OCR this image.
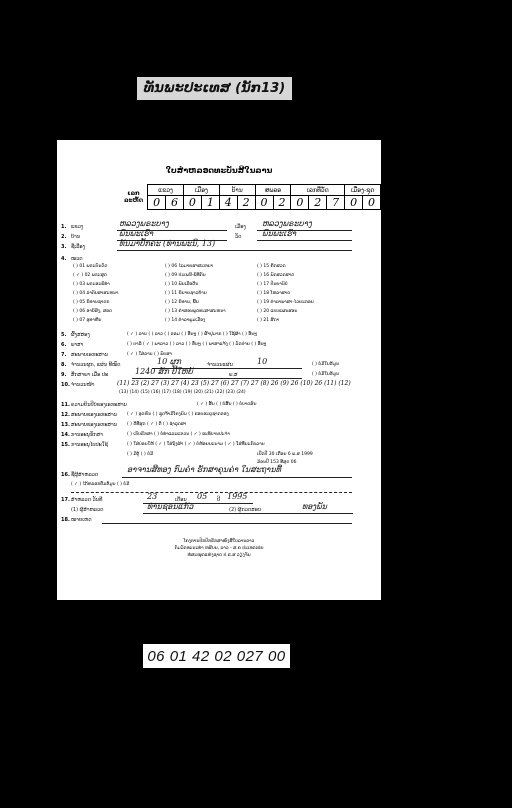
ທັນພະປະເທສ (ນັກ13)
ໃບສຳຫລອດທະບັນສີໃນລານ
ເລກລະຫັດ	ແຂວງ		ເມືອງ		ບ້ານ		ສພລອ		ເລກທີ່ວັດ			ເມື່ອງ-ຊຸດ	
	0	6	0	1	4	2	0	2	0	2	7	0	0
1. ແຂວງ	ຫລວງພຣະບາງ	ເມືອງ ຫລວງພຣະບາງ
2. ບ້ານ	ພົນພະເຮົາ	ວັດ	ພົນພະເຮົາ
3. ຊື່ເລື່ອງ	ທ້ນມາປັກຄະ (ທ່ານພະນິ, 13)
4. ໝວດ
( ) 01 ພຣະບັນດັດ	( ) 06 ໄລມາຍສາສະຫນາ	( ) 15 ຄີດສວດ
( ✓ ) 02 ພຣະສູດ	( ) 09 ປະເພນີ-ພິທີກັນ	( ) 16 ພົດສວດສາດ
( ) 03 ພຣະອະພິທຳ	( ) 10 ພົນເມືອດີນ	( ) 17 ປັນຍານົບໍ່
( ) 04 ລຳຕັນສາສະຫນາ	( ) 11 ນິຍາຍຊາວບ້ານ	( ) 18 ໂຫລາສາດ
( ) 05 ນິທານຊາດກ	( ) 12 ນິທານ, ພື້ນ	( ) 19 ຕຳລາພາສາ-ໄວຍະກອນ
( ) 06 ອານິສົງ, ສອດ	( ) 13 ຄຳສອນພຸດທະສາສະຫນາ	( ) 20 ແບບແຜນສອນ
( ) 07 ອຸທາຫີນ	( ) 14 ຕຳລາພູມເມືອງ	( ) 21 ສີດາ
5. ຜົ້ງສສອງ	( ✓ ) ລານ ( ) ລາວ ( ) ຂອມ ( ) ອື່ນໆ ( ) ຜົ້າປຸມາກ ( ) ໃຊ້ຜ້າ ( ) ອື່ນໆ
6. ພາສາ	( ) ບາລີ ( ✓ ) ພາລາວ ( ) ລາວ ( ) ອື່ນໆ ( ) ພາສາແຈ້ງ ( ) ລັດປາຍ ( ) ອື່ນໆ
7. ສະພາບເອກະສານ	( ✓ ) ໃສ່ລານ ( ) ພັບສາ
8. ຈຳນວນຜູກ, ແຜ່ນ ທີໝົດ	10 ຜູກ	ຈຳນວນແຜ່ນ	10	( ) ບໍ່ມີໃນຂໍ້ມູນ
9. ສຶກສາພາ ເມື່ອ ປະ	1240 ສັກ ປີໃຫຍ້	ພ.ສ	( ) ບໍ່ມີໃນຂໍ້ມູນ
10. ຈຳນວນໜ້າ	(11) 23 (2) 27 (3) 27 (4) 23 (5) 27 (6) 27 (7) 27 (8) 26 (9) 26 (10) 26 (11) (12)
(13) (14) (15) (16) (17) (18) (19) (20) (21) (22) (23) (24)
11. ຄວາມຍິນປີບໍຂອງເອກະສານ	( ✓ ) ສິ້ນ ( ) ບໍ່ສິ້ນ ( ) ບໍ່ບາດສັນ
12. ສະພາບຂອງເອກະສານ ( ✓ ) ອຸດຫັນ ( ) ຊຸດຈ້ຳມີໂຄງຍົນ ( ) ຮອບອະຍຸຊາດຂອງ
13. ສະພາບຂອງເອກະສານ ( ) ດີທີ່ສຸດ ( ✓ ) ດີ ( ) ຊຳລຸດສາ
14. ການອະນຸຮັກສາ	( ) ເກັບຮັກສາ ( ) ບໍ່ທຳແລະແຂວນ ( ✓ ) ອະທິບານປະຈຳ
15. ການອະນຸໄບປະໃຊ້	( ) ໃສ່ບ່ອນໃຫ້ ( ✓ ) ໃສ່ຖົງຜ້າ ( ✓ ) ບໍ່ຫ້ອຍນະນາມ ( ✓ ) ໃສ່ທີ່ນະກັບລານ
( ) ມີຕູ້ ( ) ບໍ່ມີ	ເປີດປີ 30 ເດືອນ 6 ພ.ສ 1999
ມ້ອນປີ 153 ທີ່ສຸດ 06
16. ຊື່ຜູ້ສຳຫລວດ
ອາຈານສີທອງ ກົມຄຳ ຮັກສາຄຸນຄ່າ ໃນສະຖານທີ່
( ✓ ) ໄດ້ຫລອກຕື່ມຂໍ້ມູນ ( ) ບໍ່ມີ
17. ສຳຫລວດ ວັນທີ	23	ເດືອນ 05 ປີ 1995
(1) ຜູ້ສຳຫລວດ	ທ່ານຊອນແກ້ວ	(2) ຜູ້ກວດສອບ	ທອງພັນ
18. ໝາຍເຫດ
ໂຄງການປົກປັກຮັກສາໜັງສືໃບລານລາວ
ກົມວັດທະນະທຳ ຫສັບນ, ລາວ - ສ.ຄ ປະເທດເຢຍ
ຫໍສະໝຸດແຫ່ງຊາດ ປ.ຮ.ສ ວຽງຈັນ
06 01 42 02 027 00
